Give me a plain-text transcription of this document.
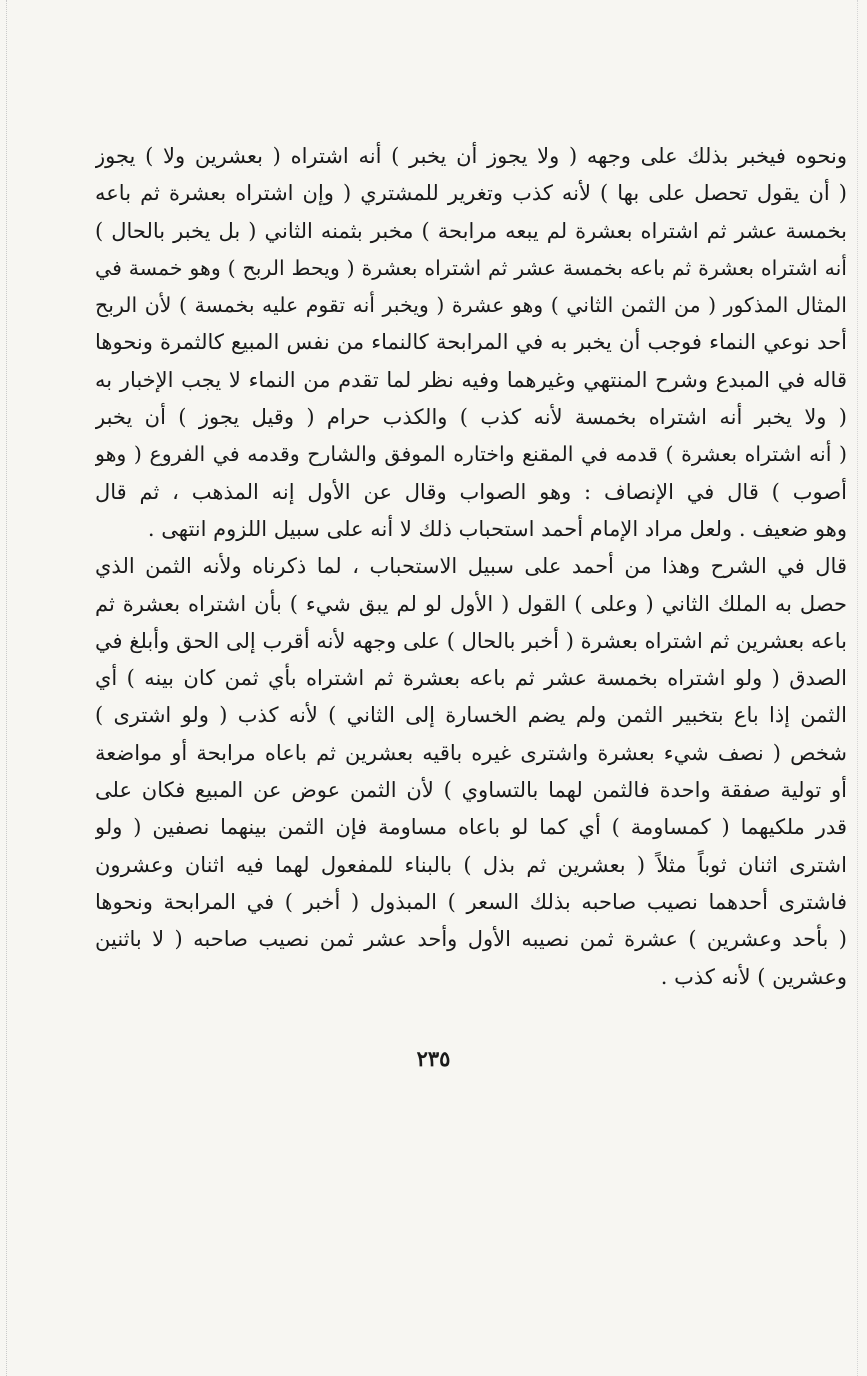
ونحوه فيخبر بذلك على وجهه ( ولا يجوز أن يخبر ) أنه اشتراه ( بعشرين ولا ) يجوز
( أن يقول تحصل على بها ) لأنه كذب وتغرير للمشتري ( وإن اشتراه بعشرة ثم باعه
بخمسة عشر ثم اشتراه بعشرة لم يبعه مرابحة ) مخبر بثمنه الثاني ( بل يخبر بالحال )
أنه اشتراه بعشرة ثم باعه بخمسة عشر ثم اشتراه بعشرة ( ويحط الربح ) وهو خمسة في
المثال المذكور ( من الثمن الثاني ) وهو عشرة ( ويخبر أنه تقوم عليه بخمسة ) لأن الربح
أحد نوعي النماء فوجب أن يخبر به في المرابحة كالنماء من نفس المبيع كالثمرة ونحوها
قاله في المبدع وشرح المنتهي وغيرهما وفيه نظر لما تقدم من النماء لا يجب الإخبار به
( ولا يخبر أنه اشتراه بخمسة لأنه كذب ) والكذب حرام ( وقيل يجوز ) أن يخبر
( أنه اشتراه بعشرة ) قدمه في المقنع واختاره الموفق والشارح وقدمه في الفروع ( وهو
أصوب ) قال في الإنصاف : وهو الصواب وقال عن الأول إنه المذهب ، ثم قال
وهو ضعيف . ولعل مراد الإمام أحمد استحباب ذلك لا أنه على سبيل اللزوم انتهى .
قال في الشرح وهذا من أحمد على سبيل الاستحباب ، لما ذكرناه ولأنه الثمن الذي
حصل به الملك الثاني ( وعلى ) القول ( الأول لو لم يبق شيء ) بأن اشتراه بعشرة ثم
باعه بعشرين ثم اشتراه بعشرة ( أخبر بالحال ) على وجهه لأنه أقرب إلى الحق وأبلغ في
الصدق ( ولو اشتراه بخمسة عشر ثم باعه بعشرة ثم اشتراه بأي ثمن كان بينه ) أي
الثمن إذا باع بتخبير الثمن ولم يضم الخسارة إلى الثاني ) لأنه كذب ( ولو اشترى )
شخص ( نصف شيء بعشرة واشترى غيره باقيه بعشرين ثم باعاه مرابحة أو مواضعة
أو تولية صفقة واحدة فالثمن لهما بالتساوي ) لأن الثمن عوض عن المبيع فكان على
قدر ملكيهما ( كمساومة ) أي كما لو باعاه مساومة فإن الثمن بينهما نصفين ( ولو
اشترى اثنان ثوباً مثلاً ( بعشرين ثم بذل ) بالبناء للمفعول لهما فيه اثنان وعشرون
فاشترى أحدهما نصيب صاحبه بذلك السعر ) المبذول ( أخبر ) في المرابحة ونحوها
( بأحد وعشرين ) عشرة ثمن نصيبه الأول وأحد عشر ثمن نصيب صاحبه ( لا باثنين
وعشرين ) لأنه كذب .
٢٣٥
